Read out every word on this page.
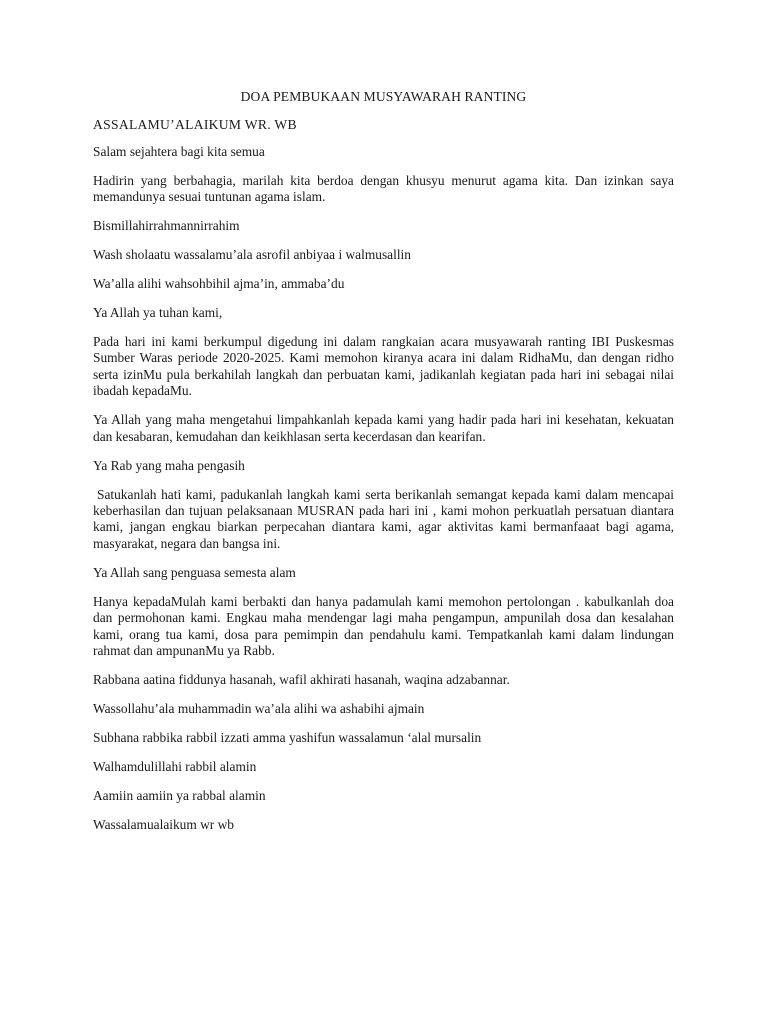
DOA PEMBUKAAN MUSYAWARAH RANTING
ASSALAMU’ALAIKUM WR. WB

Salam sejahtera bagi kita semua

Hadirin yang berbahagia, marilah kita berdoa dengan khusyu menurut agama kita. Dan izinkan saya memandunya sesuai tuntunan agama islam.

Bismillahirrahmannirrahim

Wash sholaatu wassalamu’ala asrofil anbiyaa i walmusallin

Wa’alla alihi wahsohbihil ajma’in, ammaba’du

Ya Allah ya tuhan kami,

Pada hari ini kami berkumpul digedung ini dalam rangkaian acara musyawarah ranting IBI Puskesmas Sumber Waras periode 2020-2025. Kami memohon kiranya acara ini dalam RidhaMu, dan dengan ridho serta izinMu pula berkahilah langkah dan perbuatan kami, jadikanlah kegiatan pada hari ini sebagai nilai ibadah kepadaMu.

Ya Allah yang maha mengetahui limpahkanlah kepada kami yang hadir pada hari ini kesehatan, kekuatan dan kesabaran, kemudahan dan keikhlasan serta kecerdasan dan kearifan.

Ya Rab yang maha pengasih

Satukanlah hati kami, padukanlah langkah kami serta berikanlah semangat kepada kami dalam mencapai keberhasilan dan tujuan pelaksanaan MUSRAN pada hari ini , kami mohon perkuatlah persatuan diantara kami, jangan engkau biarkan perpecahan diantara kami, agar aktivitas kami bermanfaaat bagi agama, masyarakat, negara dan bangsa ini.

Ya Allah sang penguasa semesta alam

Hanya kepadaMulah kami berbakti dan hanya padamulah kami memohon pertolongan . kabulkanlah doa dan permohonan kami. Engkau maha mendengar lagi maha pengampun, ampunilah dosa dan kesalahan kami, orang tua kami, dosa para pemimpin dan pendahulu kami. Tempatkanlah kami dalam lindungan rahmat dan ampunanMu ya Rabb.

Rabbana aatina fiddunya hasanah, wafil akhirati hasanah, waqina adzabannar.

Wassollahu’ala muhammadin wa’ala alihi wa ashabihi ajmain

Subhana rabbika rabbil izzati amma yashifun wassalamun ‘alal mursalin

Walhamdulillahi rabbil alamin

Aamiin aamiin ya rabbal alamin

Wassalamualaikum wr wb
